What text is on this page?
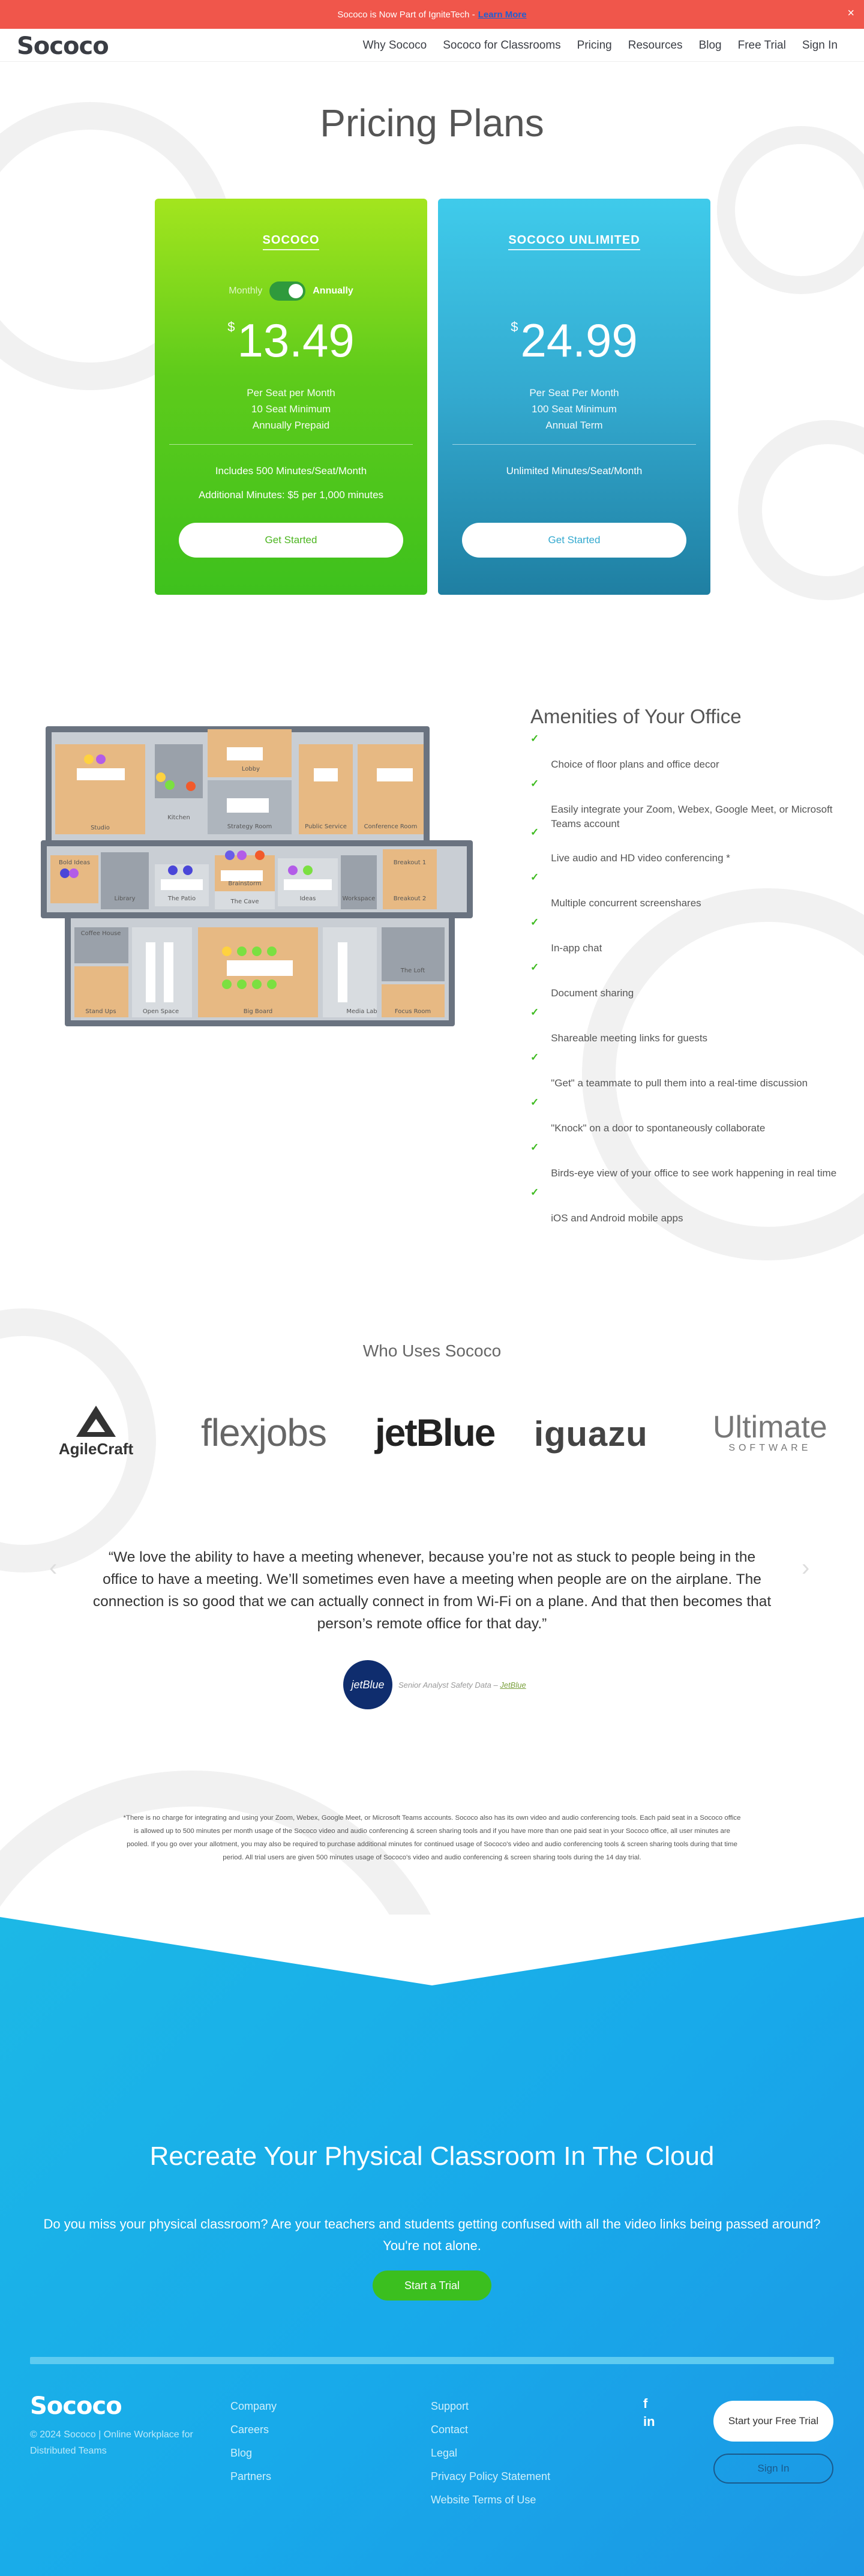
Sococo is Now Part of IgniteTech - Learn More	×
Sococo	Why Sococo Sococo for Classrooms Pricing Resources Blog Free Trial Sign In
Pricing Plans
SOCOCO
Monthly	Annually
$13.49
Per Seat per Month
10 Seat Minimum
Annually Prepaid
Includes 500 Minutes/Seat/Month
Additional Minutes: $5 per 1,000 minutes
Get Started
SOCOCO UNLIMITED
$24.99
Per Seat Per Month
100 Seat Minimum
Annual Term
Unlimited Minutes/Seat/Month
Get Started
Lobby
Studio
Kitchen
Strategy Room	Public Service	Conference Room
Bold Ideas
Library	The Patio
Brainstorm
The Cave	Ideas	Workspace
Breakout 1
Breakout 2
Coffee House
Stand Ups	Open Space	Big Board	Media Lab
The Loft
Focus Room
Amenities of Your Office
✓
Choice of floor plans and office decor
✓
Easily integrate your Zoom, Webex, Google Meet, or Microsoft Teams account
✓
Live audio and HD video conferencing *
✓
Multiple concurrent screenshares
✓
In-app chat
✓
Document sharing
✓
Shareable meeting links for guests
✓
"Get" a teammate to pull them into a real-time discussion
✓
"Knock" on a door to spontaneously collaborate
✓
Birds-eye view of your office to see work happening in real time
✓
iOS and Android mobile apps
Who Uses Sococo
AgileCraft flexjobs jetBlue iguazu Ultimate
SOFTWARE
‹	›
“We love the ability to have a meeting whenever, because you’re not as stuck to people being in the office to have a meeting. We’ll sometimes even have a meeting when people are on the airplane. The connection is so good that we can actually connect in from Wi-Fi on a plane. And that then becomes that person’s remote office for that day.”
jetBlue	Senior Analyst Safety Data – JetBlue
*There is no charge for integrating and using your Zoom, Webex, Google Meet, or Microsoft Teams accounts. Sococo also has its own video and audio conferencing tools. Each paid seat in a Sococo office is allowed up to 500 minutes per month usage of the Sococo video and audio conferencing & screen sharing tools and if you have more than one paid seat in your Sococo office, all user minutes are pooled. If you go over your allotment, you may also be required to purchase additional minutes for continued usage of Sococo's video and audio conferencing tools & screen sharing tools during that time period. All trial users are given 500 minutes usage of Sococo's video and audio conferencing & screen sharing tools during the 14 day trial.
Recreate Your Physical Classroom In The Cloud
Do you miss your physical classroom? Are your teachers and students getting confused with all the video links being passed around? You're not alone.
Start a Trial
Sococo
© 2024 Sococo | Online Workplace for Distributed Teams
Company
Careers
Blog
Partners
Support
Contact
Legal
Privacy Policy Statement
Website Terms of Use
f
in	Start your Free Trial
Sign In
